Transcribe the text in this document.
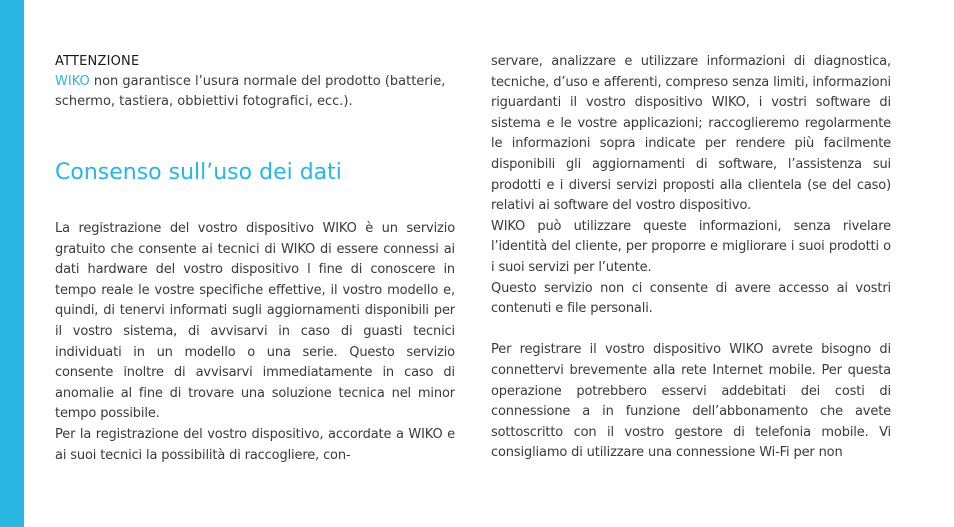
ATTENZIONE

WIKO non garantisce l’usura normale del prodotto (batterie, schermo, tastiera, obbiettivi fotografici, ecc.).

Consenso sull’uso dei dati

La registrazione del vostro dispositivo WIKO è un servizio gratuito che consente ai tecnici di WIKO di essere connessi ai dati hardware del vostro dispositivo l fine di conoscere in tempo reale le vostre specifiche effettive, il vostro modello e, quindi, di tenervi informati sugli aggiornamenti disponibili per il vostro sistema, di avvisarvi in caso di guasti tecnici individuati in un modello o una serie. Questo servizio consente inoltre di avvisarvi immediatamente in caso di anomalie al fine di trovare una soluzione tecnica nel minor tempo possibile.

Per la registrazione del vostro dispositivo, accordate a WIKO e ai suoi tecnici la possibilità di raccogliere, con-

servare, analizzare e utilizzare informazioni di diagnostica, tecniche, d’uso e afferenti, compreso senza limiti, informazioni riguardanti il vostro dispositivo WIKO, i vostri software di sistema e le vostre applicazioni; raccoglieremo regolarmente le informazioni sopra indicate per rendere più facilmente disponibili gli aggiornamenti di software, l’assistenza sui prodotti e i diversi servizi proposti alla clientela (se del caso) relativi ai software del vostro dispositivo.

WIKO può utilizzare queste informazioni, senza rivelare l’identità del cliente, per proporre e migliorare i suoi prodotti o i suoi servizi per l’utente.

Questo servizio non ci consente di avere accesso ai vostri contenuti e file personali.

Per registrare il vostro dispositivo WIKO avrete bisogno di connettervi brevemente alla rete Internet mobile. Per questa operazione potrebbero esservi addebitati dei costi di connessione a in funzione dell’abbonamento che avete sottoscritto con il vostro gestore di telefonia mobile. Vi consigliamo di utilizzare una connessione Wi-Fi per non
